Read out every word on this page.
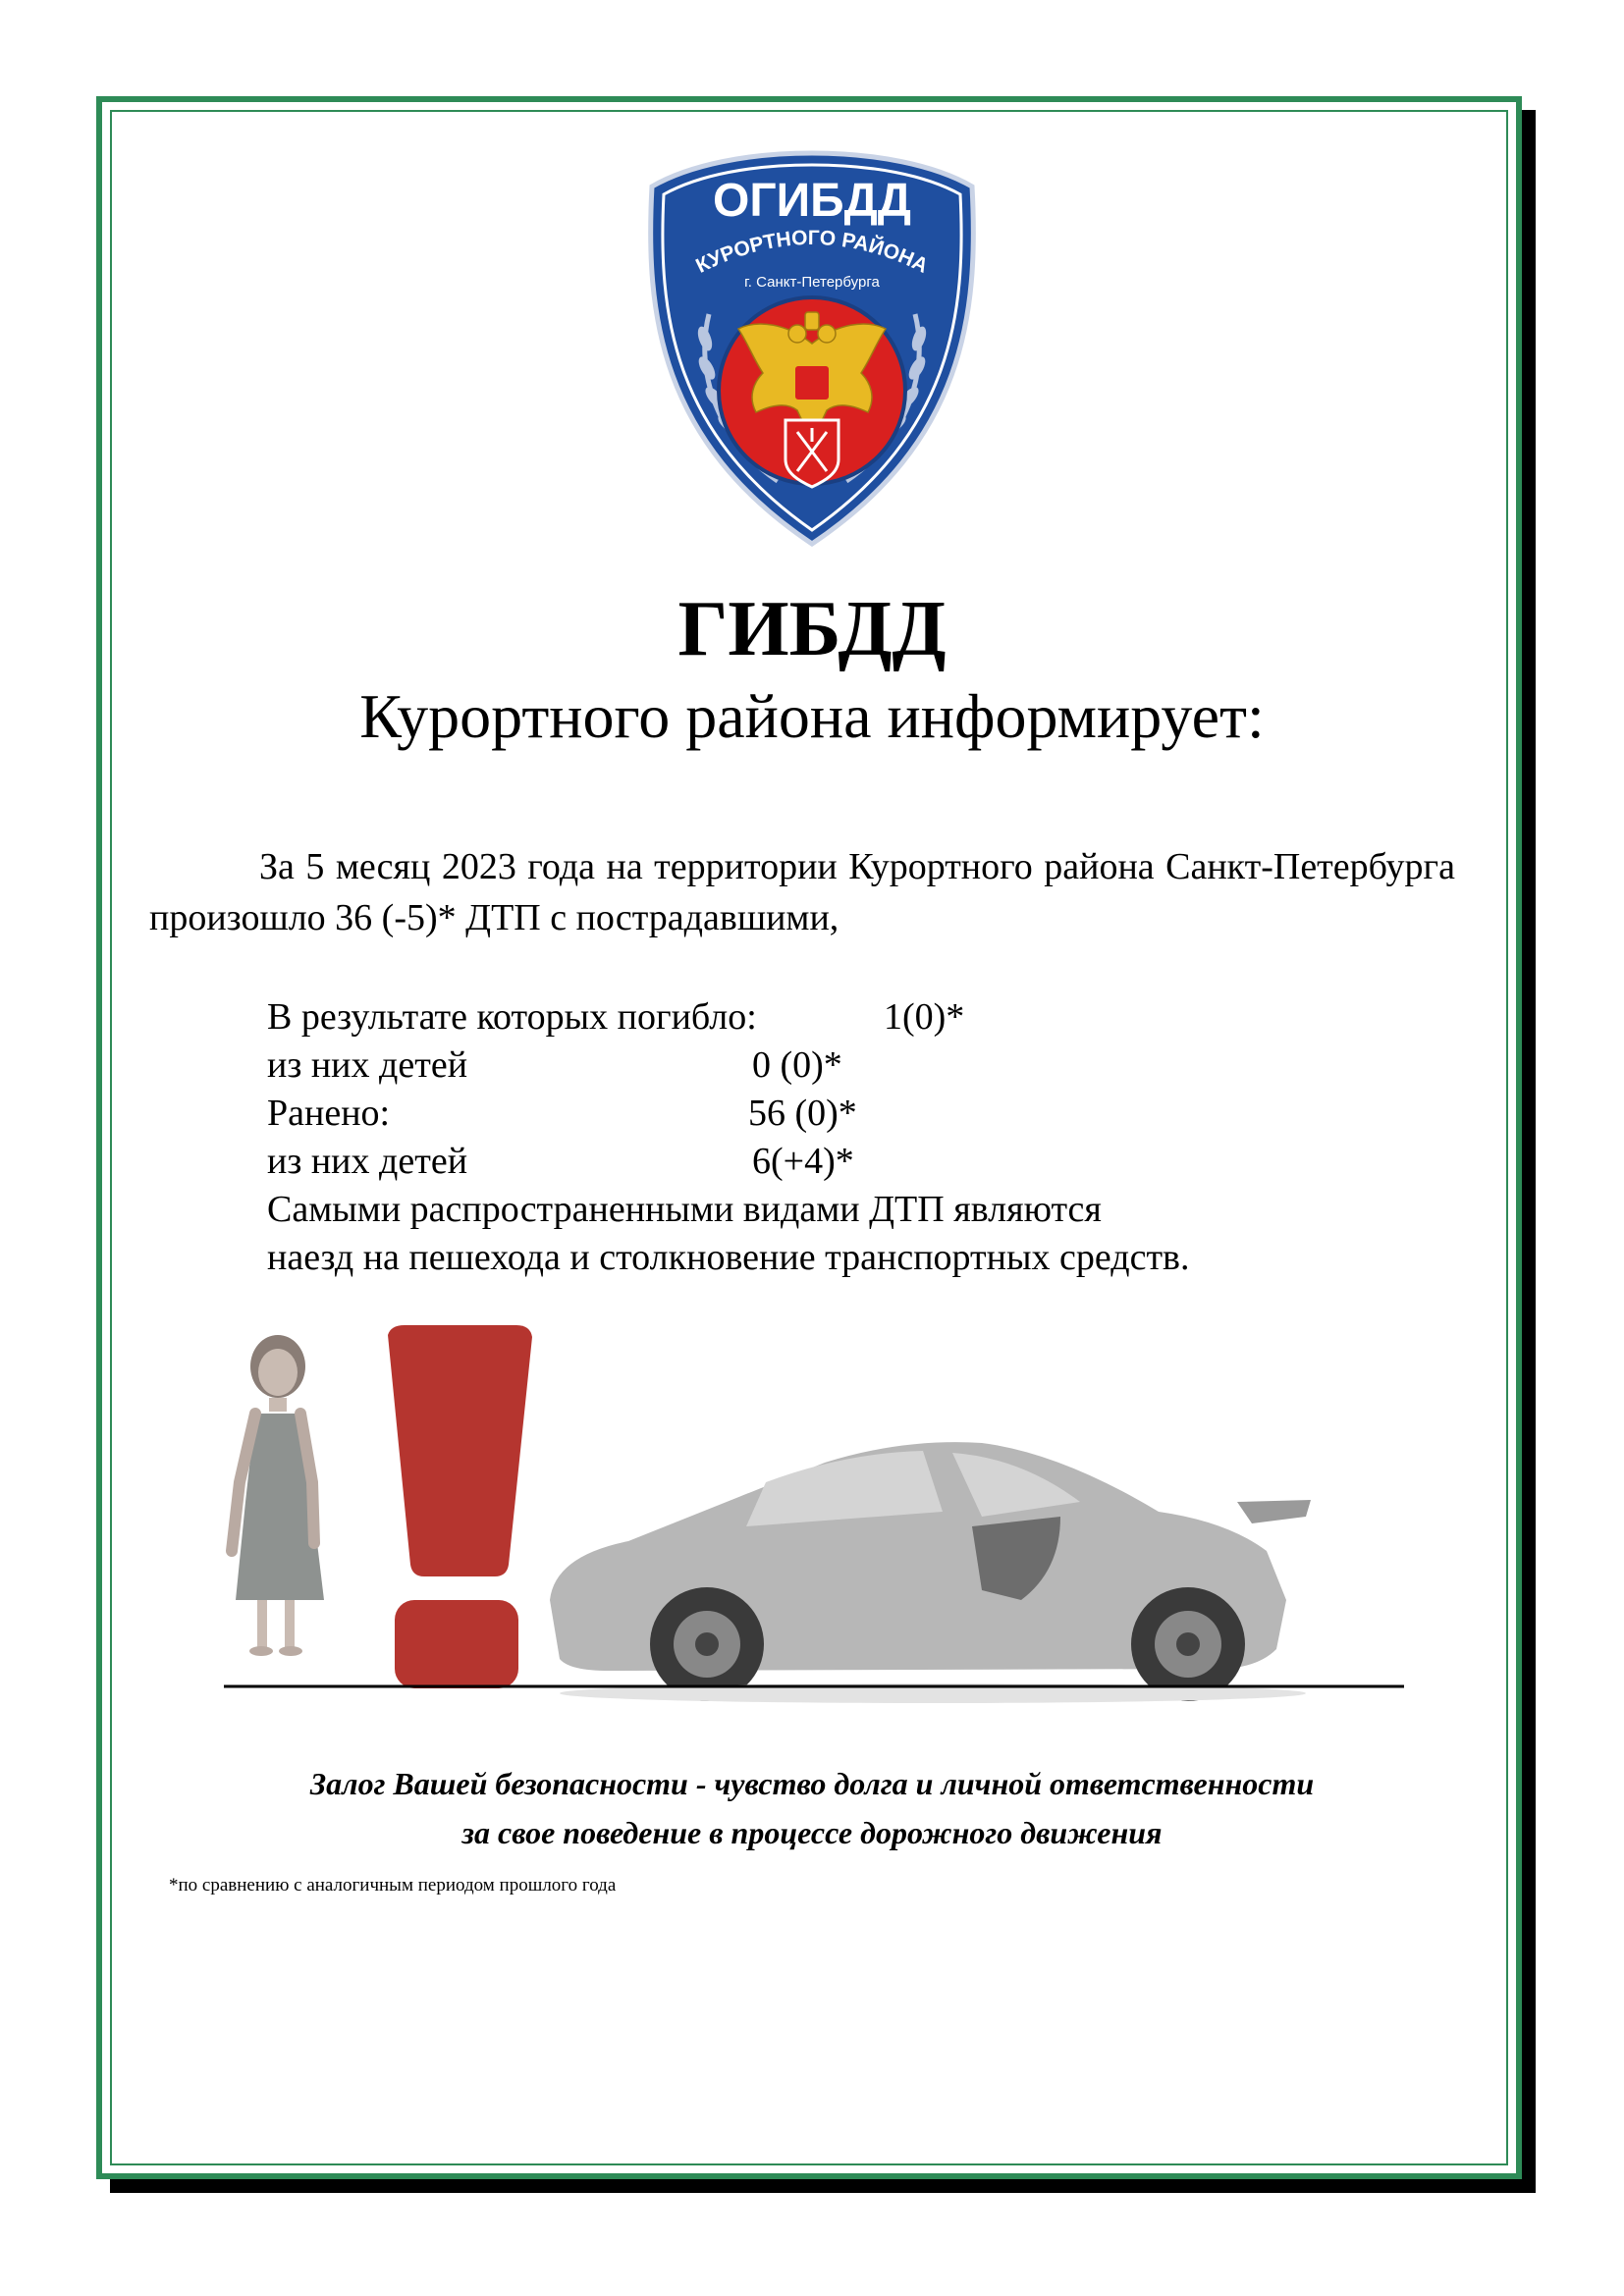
ОГИБДД
КУРОРТНОГО РАЙОНА
г. Санкт-Петербурга
ГИБДД
Курортного района информирует:
За 5 месяц 2023 года на территории Курортного района Санкт-Петербурга произошло 36 (-5)* ДТП с пострадавшими,
В результате которых погибло:	1(0)*
из них детей	0 (0)*
Ранено:	56 (0)*
из них детей	6(+4)*
Самыми распространенными видами ДТП являются
наезд на пешехода и столкновение транспортных средств.
Залог Вашей безопасности - чувство долга и личной ответственности
за свое поведение в процессе дорожного движения
*по сравнению с аналогичным периодом прошлого года
